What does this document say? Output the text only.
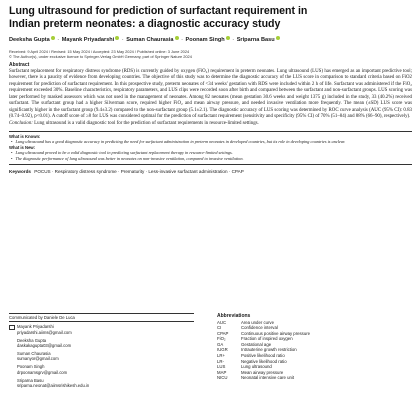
Lung ultrasound for prediction of surfactant requirement in Indian preterm neonates: a diagnostic accuracy study
Deeksha Gupta · Mayank Priyadarshi · Suman Chaurasia · Poonam Singh · Sriparna Basu
Received: 9 April 2024 / Revised: 15 May 2024 / Accepted: 23 May 2024 / Published online: 3 June 2024
© The Author(s), under exclusive licence to Springer-Verlag GmbH Germany, part of Springer Nature 2024
Abstract

Surfactant replacement for respiratory distress syndrome (RDS) is currently guided by oxygen (FiO₂) requirement in preterm neonates. Lung ultrasound (LUS) has emerged as an important predictive tool; however, there is a paucity of evidence from developing countries. The objective of this study was to determine the diagnostic accuracy of the LUS score in comparison to standard criteria based on FiO2 requirement for prediction of surfactant requirement. In this prospective study, preterm neonates of <34 weeks' gestation with RDS were included within 2 h of life. Surfactant was administered if the FiO₂ requirement exceeded 30%. Baseline characteristics, respiratory parameters, and LUS clips were recorded soon after birth and compared between the surfactant and non-surfactant groups. LUS scoring was later performed by masked assessors which was not used in the management of neonates. Among 82 neonates (mean gestation 30.6 weeks and weight 1375 g) included in the study, 33 (40.2%) received surfactant. The surfactant group had a higher Silverman score, required higher FiO₂ and mean airway pressure, and needed invasive ventilation more frequently. The mean (±SD) LUS score was significantly higher in the surfactant group (9.4±3.2) compared to the non-surfactant group (5.1±2.1). The diagnostic accuracy of LUS scoring was determined by ROC curve analysis (AUC (95% CI): 0.83 (0.74–0.92), p<0.01). A cutoff score of ≥8 for LUS was considered optimal for the prediction of surfactant requirement (sensitivity and specificity (95% CI) of 70% (51–84) and 88% (66–90), respectively).

Conclusion: Lung ultrasound is a valid diagnostic tool for the prediction of surfactant requirements in resource-limited settings.

What is Known:
• Lung ultrasound has a good diagnostic accuracy in predicting the need for surfactant administration in preterm neonates in developed countries, but its role in developing countries is unclear.
What is New:
• Lung ultrasound proved to be a valid diagnostic tool in predicting surfactant replacement therapy in resource-limited settings.
• The diagnostic performance of lung ultrasound was better in neonates on non-invasive ventilation, compared to invasive ventilation.
Keywords POCUS · Respiratory distress syndrome · Prematurity · Less-invasive surfactant administration · CPAP
Communicated by Daniele De Luca
Mayank Priyadarshi
priyadarshi.aiims@gmail.com
Deeksha Gupta
daskakagupta03@gmail.com
Suman Chaurasia
sumanyor@gmail.com
Poonam Singh
drpoonamsgrv@gmail.com
Sriparna Basu
sriparna.neonat@aiimsrishikesh.edu.in
Abbreviations
AUC	Area under curve
CI	Confidence interval
CPAP	Continuous positive airway pressure
FiO₂	Fraction of inspired oxygen
GA	Gestational age
IUGR	Intrauterine growth restriction
LR+	Positive likelihood ratio
LR-	Negative likelihood ratio
LUS	Lung ultrasound
MAP	Mean airway pressure
NICU	Neonatal intensive care unit
